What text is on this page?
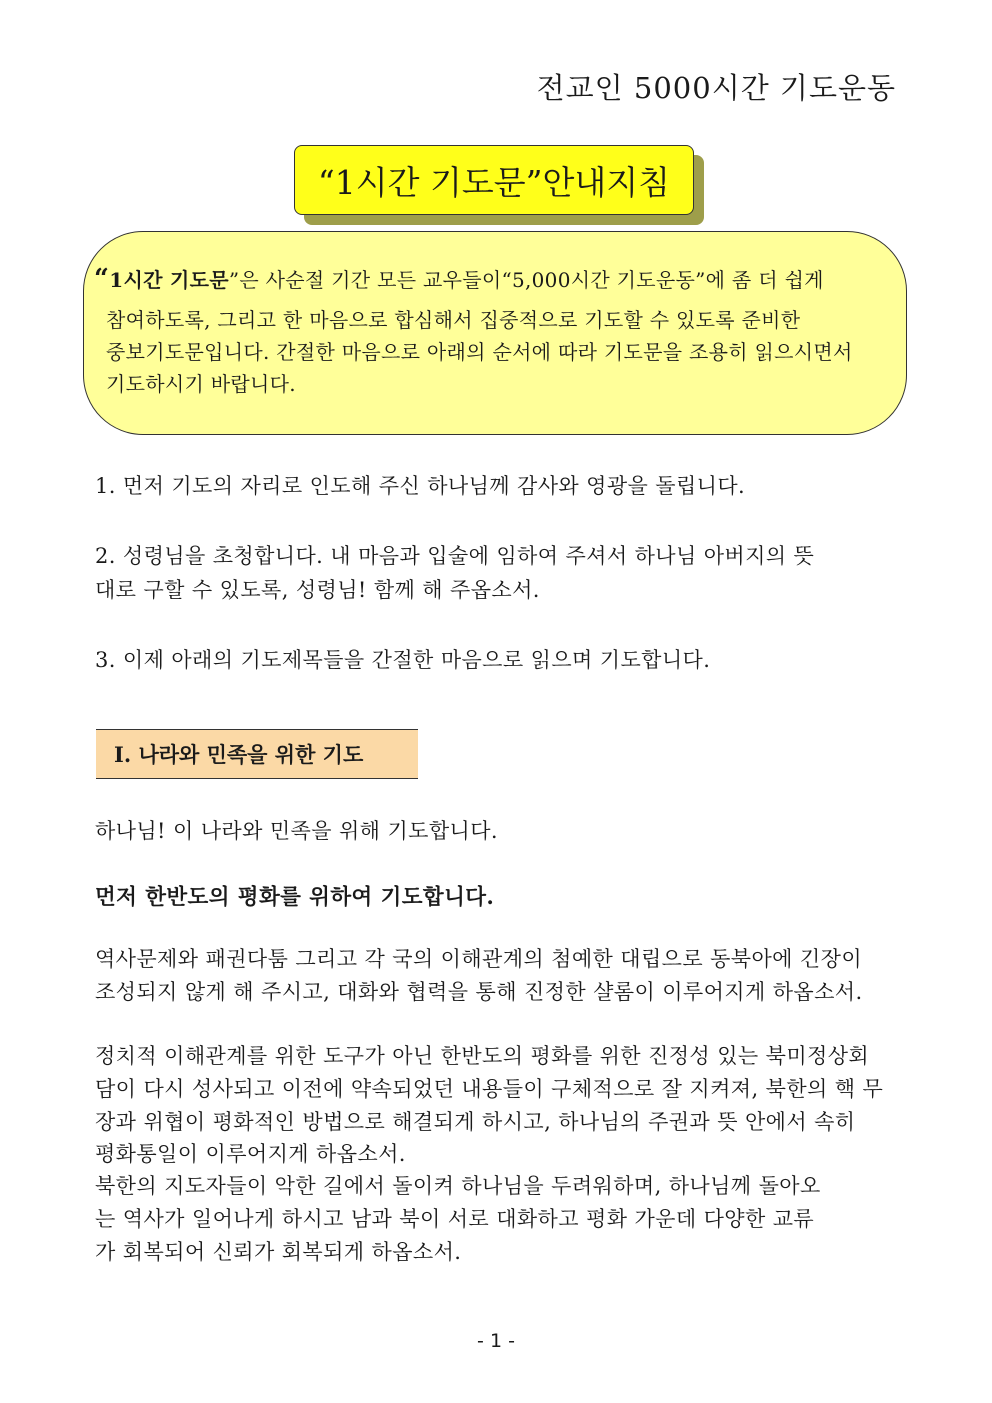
전교인 5000시간 기도운동
“1시간 기도문”안내지침
“1시간 기도문”은 사순절 기간 모든 교우들이“5,000시간 기도운동”에 좀 더 쉽게
참여하도록, 그리고 한 마음으로 합심해서 집중적으로 기도할 수 있도록 준비한
중보기도문입니다. 간절한 마음으로 아래의 순서에 따라 기도문을 조용히 읽으시면서
기도하시기 바랍니다.
1. 먼저 기도의 자리로 인도해 주신 하나님께 감사와 영광을 돌립니다.
2. 성령님을 초청합니다. 내 마음과 입술에 임하여 주셔서 하나님 아버지의 뜻
대로 구할 수 있도록, 성령님! 함께 해 주옵소서.
3. 이제 아래의 기도제목들을 간절한 마음으로 읽으며 기도합니다.
Ⅰ. 나라와 민족을 위한 기도
하나님! 이 나라와 민족을 위해 기도합니다.
먼저 한반도의 평화를 위하여 기도합니다.
역사문제와 패권다툼 그리고 각 국의 이해관계의 첨예한 대립으로 동북아에 긴장이
조성되지 않게 해 주시고, 대화와 협력을 통해 진정한 샬롬이 이루어지게 하옵소서.
정치적 이해관계를 위한 도구가 아닌 한반도의 평화를 위한 진정성 있는 북미정상회
담이 다시 성사되고 이전에 약속되었던 내용들이 구체적으로 잘 지켜져, 북한의 핵 무
장과 위협이 평화적인 방법으로 해결되게 하시고, 하나님의 주권과 뜻 안에서 속히
평화통일이 이루어지게 하옵소서.
북한의 지도자들이 악한 길에서 돌이켜 하나님을 두려워하며, 하나님께 돌아오
는 역사가 일어나게 하시고 남과 북이 서로 대화하고 평화 가운데 다양한 교류
가 회복되어 신뢰가 회복되게 하옵소서.
- 1 -
